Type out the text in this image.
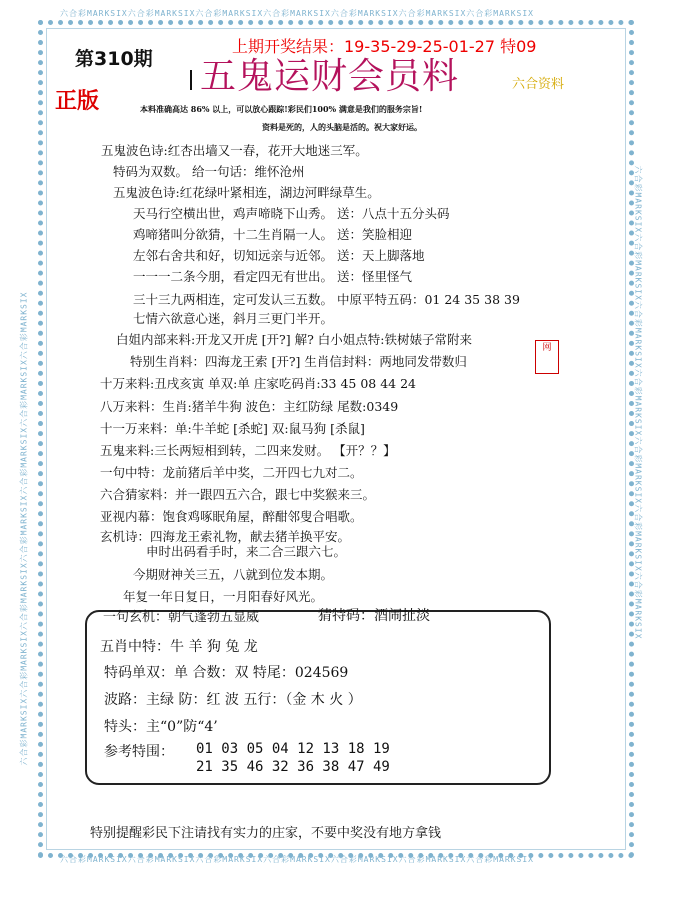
六合彩MARKSIX六合彩MARKSIX六合彩MARKSIX六合彩MARKSIX六合彩MARKSIX六合彩MARKSIX六合彩MARKSIX
六合彩MARKSIX六合彩MARKSIX六合彩MARKSIX六合彩MARKSIX六合彩MARKSIX六合彩MARKSIX六合彩MARKSIX
六合彩MARKSIX六合彩MARKSIX六合彩MARKSIX六合彩MARKSIX六合彩MARKSIX六合彩MARKSIX六合彩MARKSIX	六合彩MARKSIX六合彩MARKSIX六合彩MARKSIX六合彩MARKSIX六合彩MARKSIX六合彩MARKSIX六合彩MARKSIX
第310期
正版
上期开奖结果：19-35-29-25-01-27 特09
五鬼运财会员料	六合资料
本料准确高达 86% 以上，可以放心跟踪!彩民们100% 满意是我们的服务宗旨!
资料是死的，人的头脑是活的。祝大家好运。
五鬼波色诗:红杏出墙又一春，花开大地迷三军。
特码为双数。 给一句话：维怀沧州
五鬼波色诗:红花绿叶紧相连，湖边河畔绿草生。
天马行空横出世，鸡声啼晓下山秀。 送：八点十五分头码
鸡啼猪叫分欲猜，十二生肖隔一人。 送：笑脸相迎
左邻右舍共和好，切知远亲与近邻。 送：天上脚落地
一一一二条今朋，看定四无有世出。 送：怪里怪气
三十三九两相连，定可发认三五数。 中原平特五码：01 24 35 38 39
七情六欲意心迷，斜月三更门半开。
白姐内部来料:开龙又开虎 [开?] 解? 白小姐点特:铁树婊子常附来
特别生肖料：四海龙王索 [开?] 生肖信封料：两地同发带数归
十万来料:丑戌亥寅 单双:单 庄家吃码肖:33 45 08 44 24
八万来料：生肖:猪羊牛狗 波色：主红防绿 尾数:0349
十一万来料：单:牛羊蛇 [杀蛇] 双:鼠马狗 [杀鼠]
五鬼来料:三长两短相到转，二四来发财。 【开？？】
一句中特：龙前猪后羊中奖，二开四七九对二。
六合猜家料：并一跟四五六合，跟七中奖猴来三。
亚视内幕：饱食鸡啄眠角屋，醉酣邻叟合唱歌。
玄机诗：四海龙王索礼物，献去猪羊换平安。
申时出码看手时，来二合三跟六七。
今期财神关三五，八就到位发本期。
年复一年日复日，一月阳春好风光。
网
一句玄机：朝气蓬勃五显威	猜特码：酒闹扯淡
五肖中特：牛 羊 狗 兔 龙
特码单双：单 合数：双 特尾：024569
波路：主绿 防：红 波 五行：（金 木 火 ）
特头：主“0”防“4’
参考特围： 01 03 05 04 12 13 18 19
21 35 46 32 36 38 47 49
特别提醒彩民下注请找有实力的庄家，不要中奖没有地方拿钱
